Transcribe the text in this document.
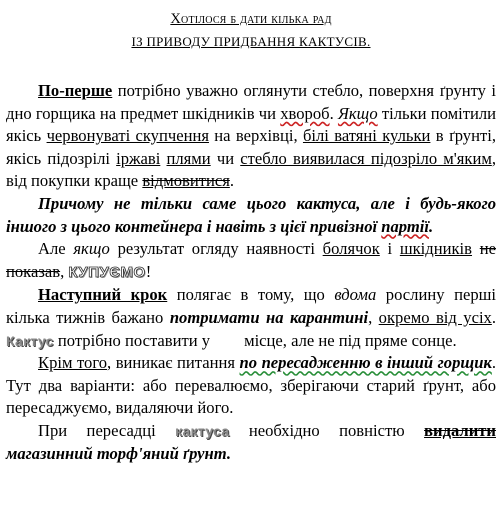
Хотілося б дати кілька рад
ІЗ ПРИВОДУ ПРИДБАННЯ КАКТУСІВ.

По-перше потрібно уважно оглянути стебло, поверхня ґрунту і дно горщика на предмет шкідників чи хвороб. Якщо тільки помітили якісь червонуваті скупчення на верхівці, білі ватяні кульки в ґрунті, якісь підозрілі іржаві плями чи стебло виявилася підозріло м'яким, від покупки краще відмовитися.

Причому не тільки саме цього кактуса, але і будь-якого іншого з цього контейнера і навіть з цієї привізної партії.

Але якщо результат огляду наявності болячок і шкідників не показав, КУПУЄМО!

Наступний крок полягає в тому, що вдома рослину перші кілька тижнів бажано потримати на карантині, окремо від усіх. Кактус потрібно поставити у місце, але не під пряме сонце.

Крім того, виникає питання по пересадженню в інший горщик. Тут два варіанти: або перевалюємо, зберігаючи старий ґрунт, або пересаджуємо, видаляючи його.

При пересадці кактуса необхідно повністю видалити магазинний торф'яний ґрунт.
